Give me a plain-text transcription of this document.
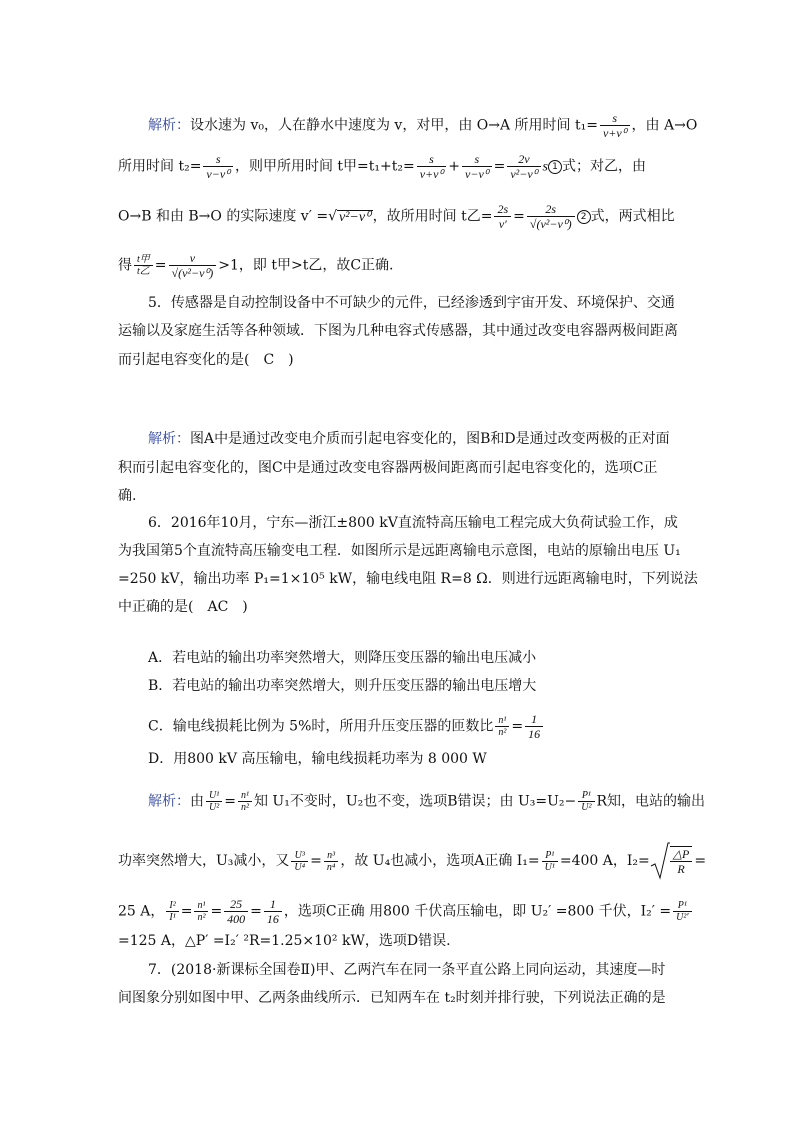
解析：设水速为 v₀，人在静水中速度为 v，对甲，由 O→A 所用时间 $t_1= \frac{s}{\text{v+v⁰}}$ ，由 A→O
所用时间 $t_2= \frac{s}{\text{v−v⁰}}$ ，则甲所用时间 t甲$=t_1+t_2= \frac{s}{\text{v+v⁰}} + \frac{s}{\text{v−v⁰}} = \frac{2v}{\text{v²−v⁰}}$ s 1 式；对乙，由
O→B 和由 B→O 的实际速度 v′ =√ v²−v⁰ ，故所用时间 t乙= $\frac{2s}{v'} = \frac{2s}{\text{√(v²−v⁰)}} 2$ 式，两式相比
得 t甲
t乙 = $\frac{v}{\text{√(v²−v⁰)}} >1$，即 t甲>t乙，故C正确.
5．传感器是自动控制设备中不可缺少的元件，已经渗透到宇宙开发、环境保护、交通
运输以及家庭生活等各种领域．下图为几种电容式传感器，其中通过改变电容器两极间距离
而引起电容变化的是(　C　)
解析：图A中是通过改变电介质而引起电容变化的，图B和D是通过改变两极的正对面
积而引起电容变化的，图C中是通过改变电容器两极间距离而引起电容变化的，选项C正
确.
6．2016年10月，宁东—浙江±800 kV直流特高压输电工程完成大负荷试验工作，成
为我国第5个直流特高压输变电工程．如图所示是远距离输电示意图，电站的原输出电压 U₁
=250 kV，输出功率 P₁=1×10⁵ kW，输电线电阻 R=8 Ω．则进行远距离输电时，下列说法
中正确的是(　AC　)
A．若电站的输出功率突然增大，则降压变压器的输出电压减小
B．若电站的输出功率突然增大，则升压变压器的输出电压增大
C．输电线损耗比例为 5%时，所用升压变压器的匝数比 $\frac{\text{n¹}}{\text{n²}} = \frac{1}{16}$
D．用800 kV 高压输电，输电线损耗功率为 8 000 W
解析：由 $\frac{\text{U¹}}{\text{U²}} = \frac{\text{n¹}}{\text{n²}}$ 知 U₁不变时，U₂也不变，选项B错误；由 $U_3=U_2- \frac{\text{P¹}}{\text{U²}}$ R知，电站的输出
功率突然增大，U₃减小，又 $\frac{\text{U³}}{\text{U⁴}} = \frac{\text{n³}}{\text{n⁴}}$ ，故 U₄也减小，选项A正确 $I_1= \frac{\text{P¹}}{\text{U¹}} =400$ A，$I_2= \frac{\triangle P}{R}$ =
25 A， $\frac{\text{I²}}{\text{I¹}} = \frac{\text{n¹}}{\text{n²}} = \frac{25}{400} = \frac{1}{16}$ ，选项C正确 用800 千伏高压输电，即 U₂′ =800 千伏，$I_2' = \frac{\text{P¹}}{\text{U²′}}$
=125 A，△P′ =I₂′ ²R=1.25×10² kW，选项D错误.
7．(2018·新课标全国卷Ⅱ)甲、乙两汽车在同一条平直公路上同向运动，其速度—时
间图象分别如图中甲、乙两条曲线所示．已知两车在 t₂时刻并排行驶，下列说法正确的是
